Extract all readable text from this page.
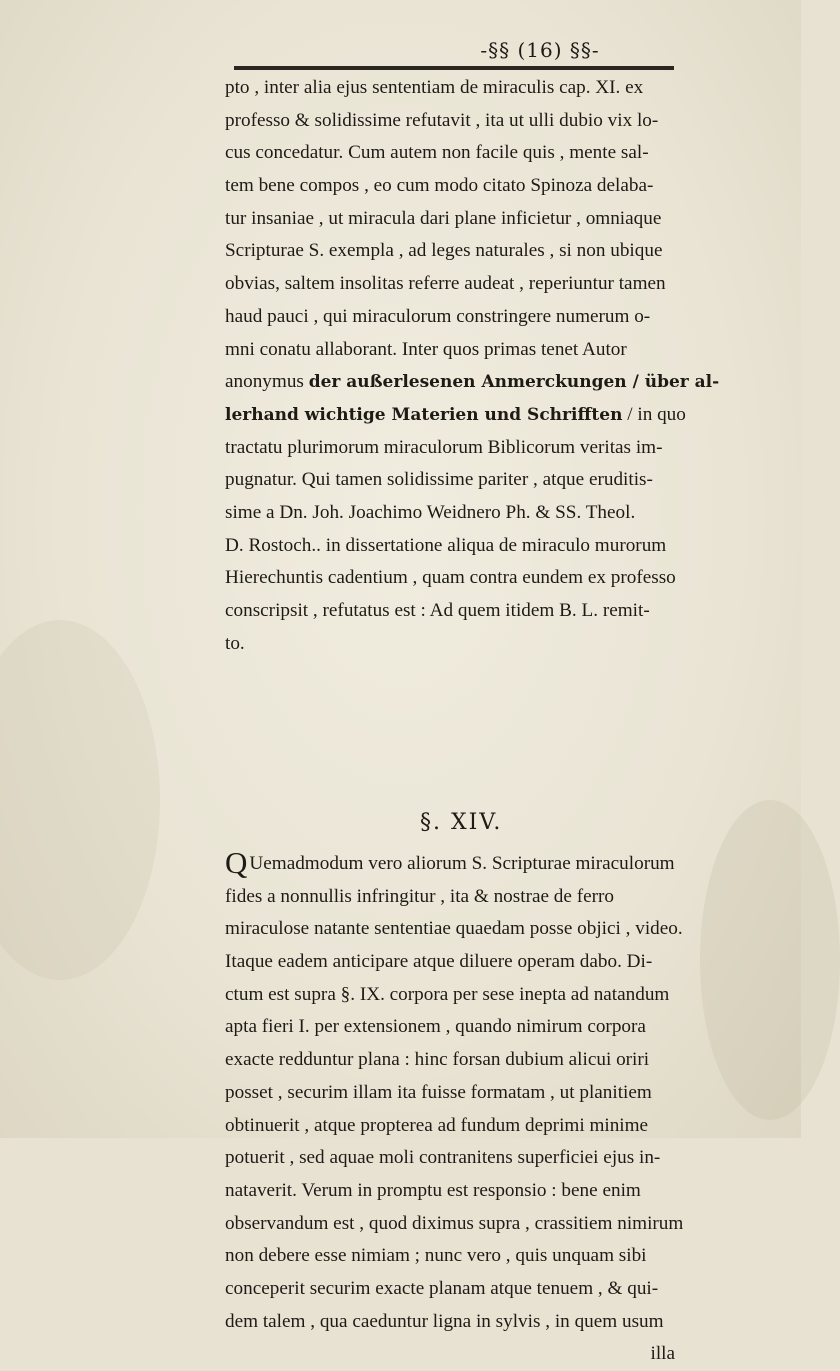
-§§ (16) §§-
pto , inter alia ejus sententiam de miraculis cap. XI. ex
professo & solidissime refutavit , ita ut ulli dubio vix lo-
cus concedatur. Cum autem non facile quis , mente sal-
tem bene compos , eo cum modo citato Spinoza delaba-
tur insaniae , ut miracula dari plane inficietur , omniaque
Scripturae S. exempla , ad leges naturales , si non ubique
obvias, saltem insolitas referre audeat , reperiuntur tamen
haud pauci , qui miraculorum constringere numerum o-
mni conatu allaborant. Inter quos primas tenet Autor
anonymus der außerlesenen Anmerckungen / über al-
lerhand wichtige Materien und Schrifften / in quo
tractatu plurimorum miraculorum Biblicorum veritas im-
pugnatur. Qui tamen solidissime pariter , atque eruditis-
sime a Dn. Joh. Joachimo Weidnero Ph. & SS. Theol.
D. Rostoch.. in dissertatione aliqua de miraculo murorum
Hierechuntis cadentium , quam contra eundem ex professo
conscripsit , refutatus est : Ad quem itidem B. L. remit-
to.
§. XIV.
Q Uemadmodum vero aliorum S. Scripturae miraculorum
fides a nonnullis infringitur , ita & nostrae de ferro
miraculose natante sententiae quaedam posse objici , video.
Itaque eadem anticipare atque diluere operam dabo. Di-
ctum est supra §. IX. corpora per sese inepta ad natandum
apta fieri I. per extensionem , quando nimirum corpora
exacte redduntur plana : hinc forsan dubium alicui oriri
posset , securim illam ita fuisse formatam , ut planitiem
obtinuerit , atque propterea ad fundum deprimi minime
potuerit , sed aquae moli contranitens superficiei ejus in-
nataverit. Verum in promptu est responsio : bene enim
observandum est , quod diximus supra , crassitiem nimirum
non debere esse nimiam ; nunc vero , quis unquam sibi
conceperit securim exacte planam atque tenuem , & qui-
dem talem , qua caeduntur ligna in sylvis , in quem usum
illa
